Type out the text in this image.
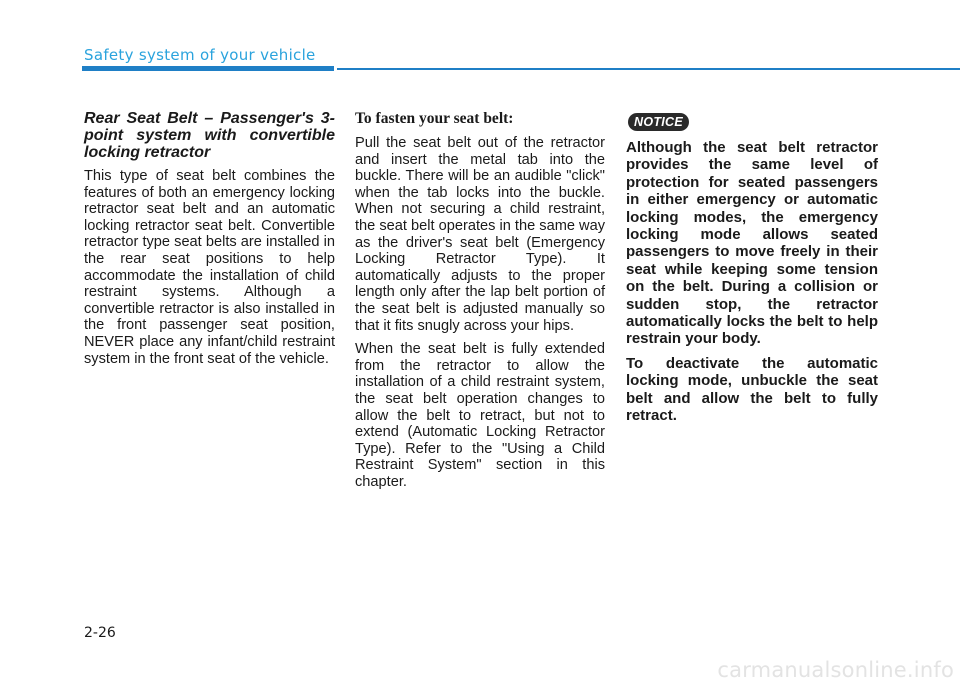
Safety system of your vehicle

Rear Seat Belt – Passenger's 3-point system with convertible locking retractor

This type of seat belt combines the features of both an emergency locking retractor seat belt and an automatic locking retractor seat belt. Convertible retractor type seat belts are installed in the rear seat positions to help accommodate the installation of child restraint systems. Although a convertible retractor is also installed in the front passenger seat position, NEVER place any infant/child restraint system in the front seat of the vehicle.

To fasten your seat belt:

Pull the seat belt out of the retractor and insert the metal tab into the buckle. There will be an audible "click" when the tab locks into the buckle. When not securing a child restraint, the seat belt operates in the same way as the driver's seat belt (Emergency Locking Retractor Type). It automatically adjusts to the proper length only after the lap belt portion of the seat belt is adjusted manually so that it fits snugly across your hips.

When the seat belt is fully extended from the retractor to allow the installation of a child restraint system, the seat belt operation changes to allow the belt to retract, but not to extend (Automatic Locking Retractor Type). Refer to the "Using a Child Restraint System" section in this chapter.

NOTICE

Although the seat belt retractor provides the same level of protection for seated passengers in either emergency or automatic locking modes, the emergency locking mode allows seated passengers to move freely in their seat while keeping some tension on the belt. During a collision or sudden stop, the retractor automatically locks the belt to help restrain your body.

To deactivate the automatic locking mode, unbuckle the seat belt and allow the belt to fully retract.

2-26
carmanualsonline.info
